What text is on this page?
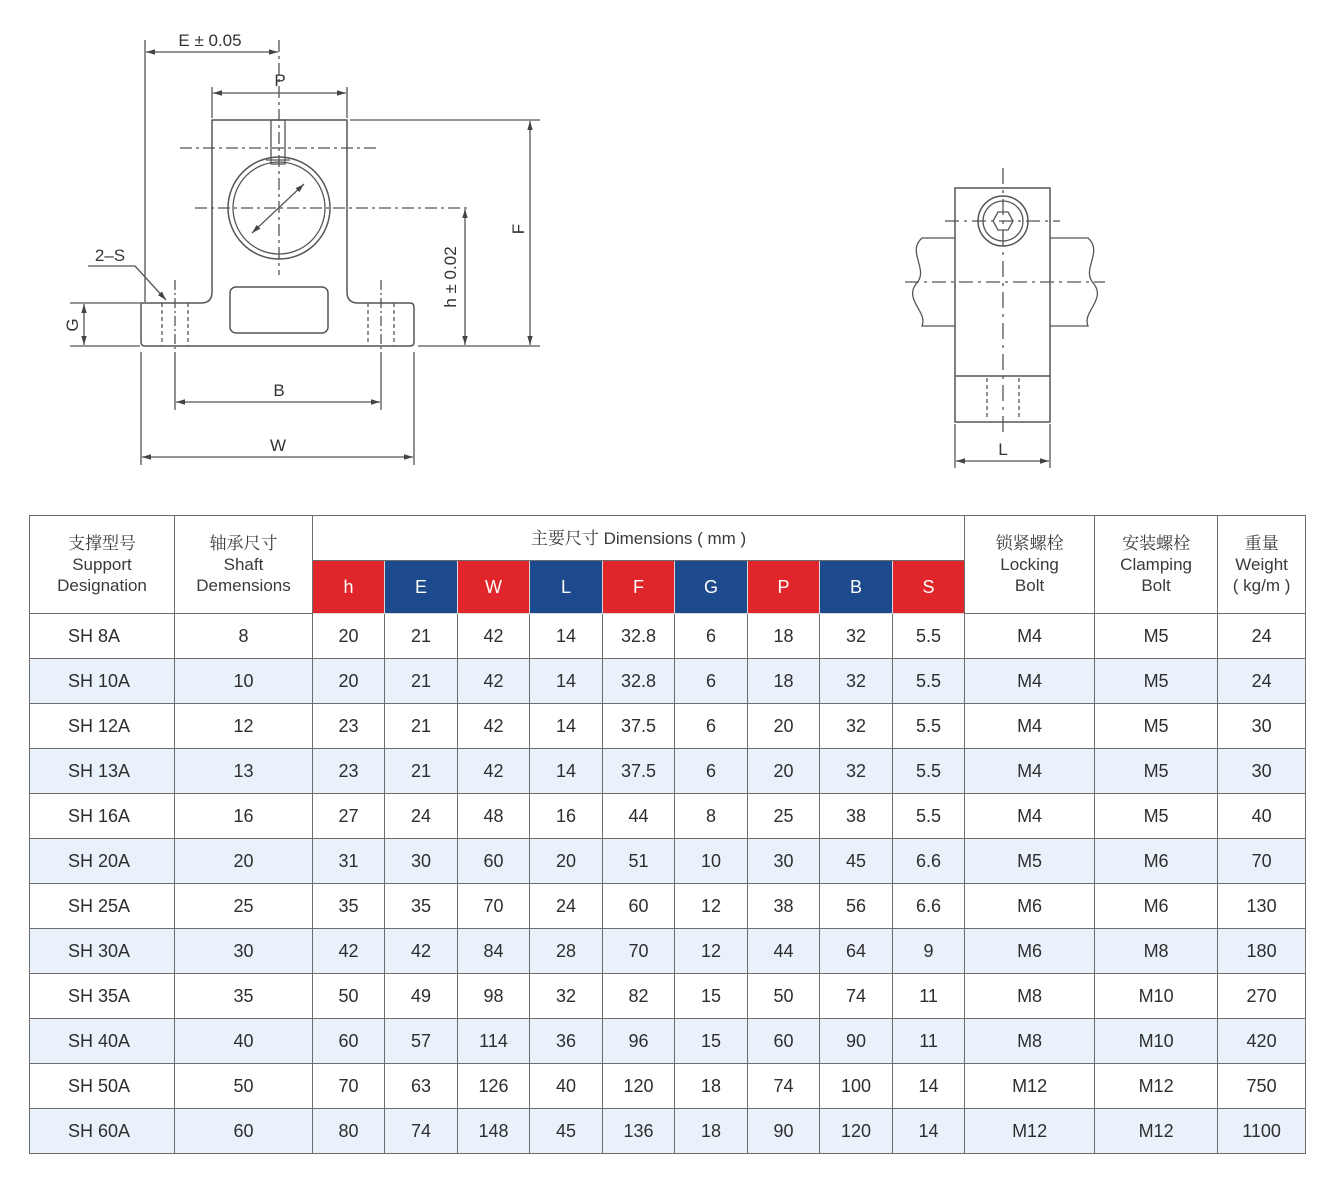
E ± 0.05
P
2–S
G
h ± 0.02
F
B
W	L
支撑型号
Support
Designation	轴承尺寸
Shaft
Demensions	主要尺寸 Dimensions ( mm )									锁紧螺栓
Locking
Bolt	安装螺栓
Clamping
Bolt	重量
Weight
( kg/m )

		h	E	W	L	F	G	P	B	S			
SH 8A	8	20	21	42	14	32.8	6	18	32	5.5	M4	M5	24
SH 10A	10	20	21	42	14	32.8	6	18	32	5.5	M4	M5	24
SH 12A	12	23	21	42	14	37.5	6	20	32	5.5	M4	M5	30
SH 13A	13	23	21	42	14	37.5	6	20	32	5.5	M4	M5	30
SH 16A	16	27	24	48	16	44	8	25	38	5.5	M4	M5	40
SH 20A	20	31	30	60	20	51	10	30	45	6.6	M5	M6	70
SH 25A	25	35	35	70	24	60	12	38	56	6.6	M6	M6	130
SH 30A	30	42	42	84	28	70	12	44	64	9	M6	M8	180
SH 35A	35	50	49	98	32	82	15	50	74	11	M8	M10	270
SH 40A	40	60	57	114	36	96	15	60	90	11	M8	M10	420
SH 50A	50	70	63	126	40	120	18	74	100	14	M12	M12	750
SH 60A	60	80	74	148	45	136	18	90	120	14	M12	M12	1100
